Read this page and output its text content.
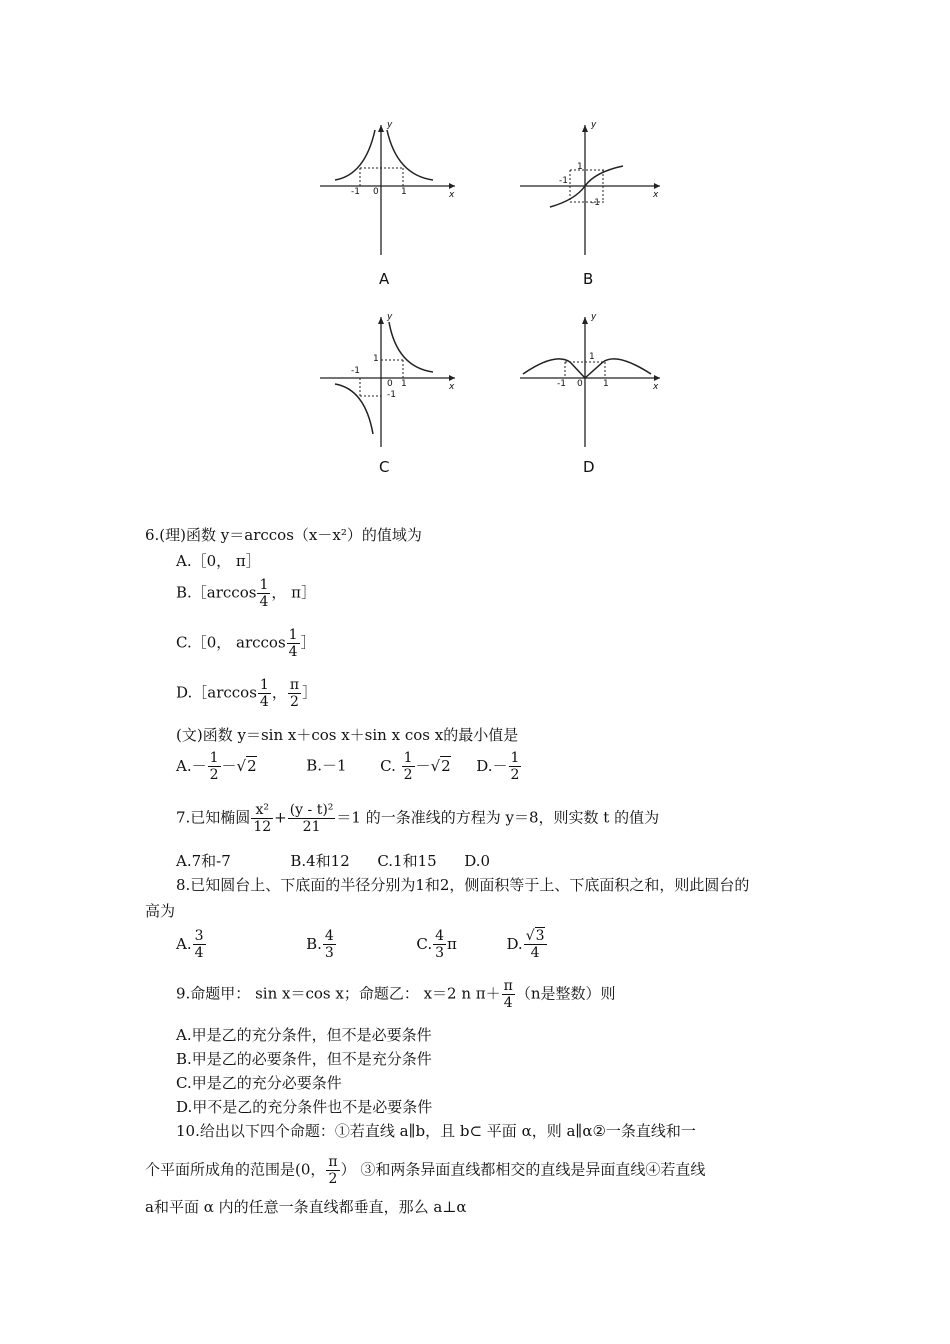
y
x
0
-1	1
A
y
x
-1
1
-1
B
y
x
0
-1
1
1
-1
C
y
x
0
-1	1
1
D
6.(理)函数 y＝arccos（x－x²）的值域为
A.［0， π］
B.［arccos $\frac{1}{4}$ ， π］
C.［0， $\arccos \frac{1}{4}$ ］
D.［arccos $\frac{1}{4}$ ， $\frac{\pi}{2}$ ］
(文)函数 y＝sin x＋cos x＋sin x cos x的最小值是
$A.- \frac{1}{2} -√2$	B.－1 C. $\frac{1}{2} -√2$ $D.- \frac{1}{2}$
7.已知椭圆 $\frac{\text{x²}}{12} + \frac{\text{(y - t)²}}{21} =1$ 的一条准线的方程为 y＝8，则实数 t 的值为
A.7和-7	B.4和12 C.1和15 D.0
8.已知圆台上、下底面的半径分别为1和2，侧面积等于上、下底面积之和，则此圆台的
高为
A. $\frac{3}{4}$	B. $\frac{4}{3}$	C. $\frac{4}{3}$ π	D. $\frac{√3}{4}$
9.命题甲： sin x＝cos x；命题乙： x＝2 n $\pi+ \frac{\pi}{4} (n$是整数）则
A.甲是乙的充分条件，但不是必要条件
B.甲是乙的必要条件，但不是充分条件
C.甲是乙的充分必要条件
D.甲不是乙的充分条件也不是必要条件
10.给出以下四个命题：①若直线 a∥b，且 b⊂ 平面 α，则 a∥α②一条直线和一
个平面所成角的范围是(0， $\frac{\pi}{2}$ ） ③和两条异面直线都相交的直线是异面直线④若直线
a和平面 α 内的任意一条直线都垂直，那么 a⊥α
